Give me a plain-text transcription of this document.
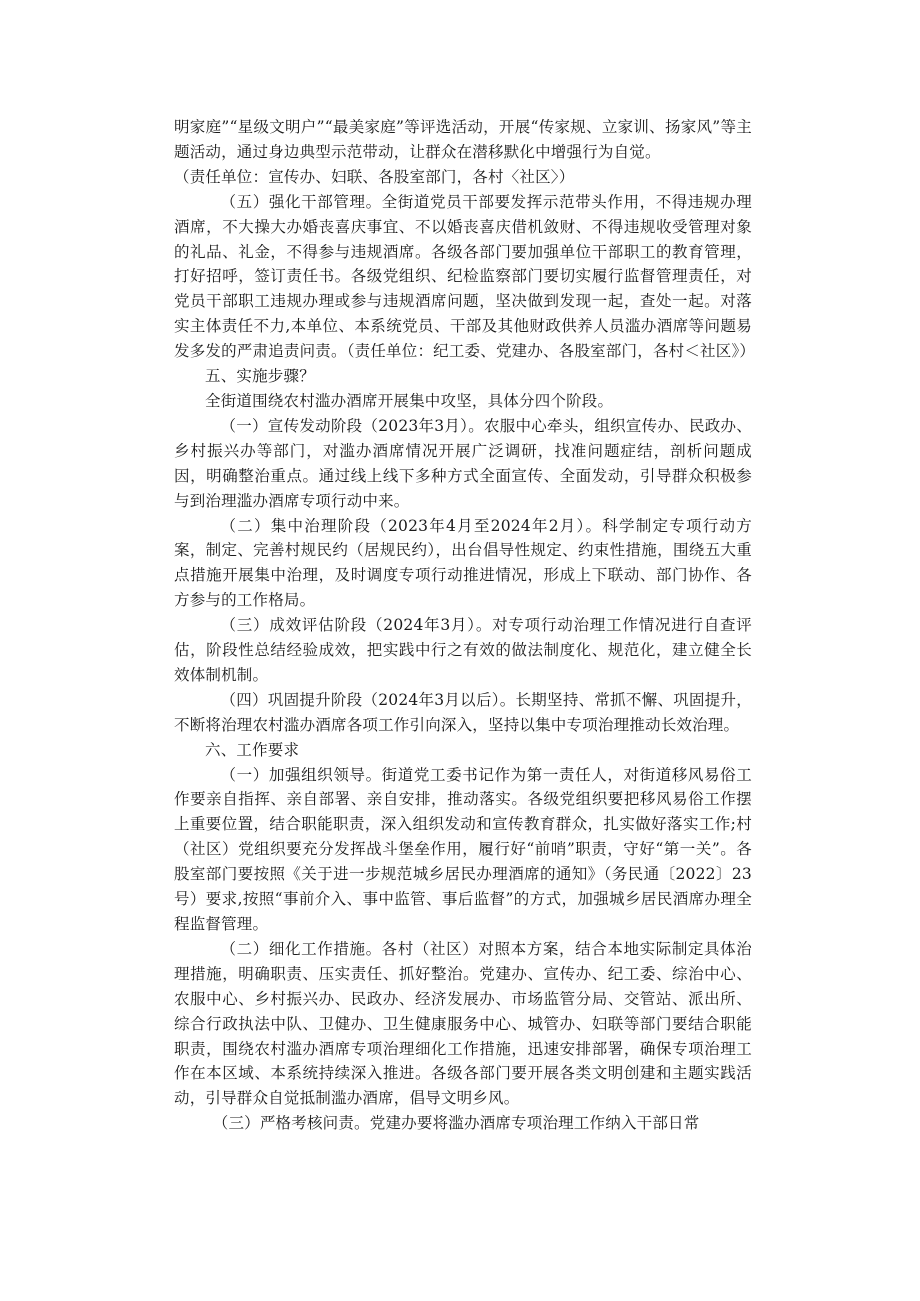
明家庭”“星级文明户”“最美家庭”等评选活动，开展“传家规、立家训、扬家风”等主题活动，通过身边典型示范带动，让群众在潜移默化中增强行为自觉。

（责任单位：宣传办、妇联、各股室部门，各村〈社区〉）

（五）强化干部管理。全街道党员干部要发挥示范带头作用，不得违规办理酒席，不大操大办婚丧喜庆事宜、不以婚丧喜庆借机敛财、不得违规收受管理对象的礼品、礼金，不得参与违规酒席。各级各部门要加强单位干部职工的教育管理，打好招呼，签订责任书。各级党组织、纪检监察部门要切实履行监督管理责任，对党员干部职工违规办理或参与违规酒席问题，坚决做到发现一起，查处一起。对落实主体责任不力,本单位、本系统党员、干部及其他财政供养人员滥办酒席等问题易发多发的严肃追责问责。（责任单位：纪工委、党建办、各股室部门，各村＜社区》）

五、实施步骤？

全街道围绕农村滥办酒席开展集中攻坚，具体分四个阶段。

（一）宣传发动阶段（2023年3月）。农服中心牵头，组织宣传办、民政办、乡村振兴办等部门，对滥办酒席情况开展广泛调研，找准问题症结，剖析问题成因，明确整治重点。通过线上线下多种方式全面宣传、全面发动，引导群众积极参与到治理滥办酒席专项行动中来。

（二）集中治理阶段（2023年4月至2024年2月）。科学制定专项行动方案，制定、完善村规民约（居规民约），出台倡导性规定、约束性措施，围绕五大重点措施开展集中治理，及时调度专项行动推进情况，形成上下联动、部门协作、各方参与的工作格局。

（三）成效评估阶段（2024年3月）。对专项行动治理工作情况进行自查评估，阶段性总结经验成效，把实践中行之有效的做法制度化、规范化，建立健全长效体制机制。

（四）巩固提升阶段（2024年3月以后）。长期坚持、常抓不懈、巩固提升，不断将治理农村滥办酒席各项工作引向深入，坚持以集中专项治理推动长效治理。

六、工作要求

（一）加强组织领导。街道党工委书记作为第一责任人，对街道移风易俗工作要亲自指挥、亲自部署、亲自安排，推动落实。各级党组织要把移风易俗工作摆上重要位置，结合职能职责，深入组织发动和宣传教育群众，扎实做好落实工作;村（社区）党组织要充分发挥战斗堡垒作用，履行好“前哨”职责，守好“第一关”。各股室部门要按照《关于进一步规范城乡居民办理酒席的通知》（务民通〔2022〕23号）要求,按照“事前介入、事中监管、事后监督”的方式，加强城乡居民酒席办理全程监督管理。

（二）细化工作措施。各村（社区）对照本方案，结合本地实际制定具体治理措施，明确职责、压实责任、抓好整治。党建办、宣传办、纪工委、综治中心、农服中心、乡村振兴办、民政办、经济发展办、市场监管分局、交管站、派出所、综合行政执法中队、卫健办、卫生健康服务中心、城管办、妇联等部门要结合职能职责，围绕农村滥办酒席专项治理细化工作措施，迅速安排部署，确保专项治理工作在本区域、本系统持续深入推进。各级各部门要开展各类文明创建和主题实践活动，引导群众自觉抵制滥办酒席，倡导文明乡风。

（三）严格考核问责。党建办要将滥办酒席专项治理工作纳入干部日常
